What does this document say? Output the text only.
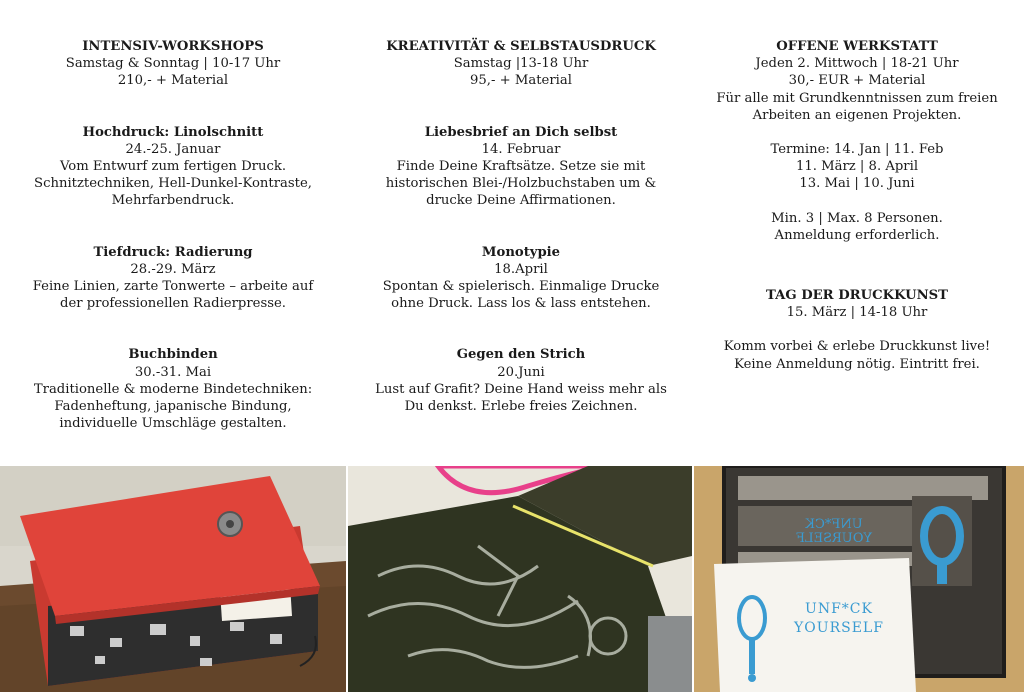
INTENSIV-WORKSHOPS

Samstag & Sonntag | 10-17 Uhr

210,- + Material

Hochdruck: Linolschnitt

24.-25. Januar

Vom Entwurf zum fertigen Druck.

Schnitztechniken, Hell-Dunkel-Kontraste,

Mehrfarbendruck.

Tiefdruck: Radierung

28.-29. März

Feine Linien, zarte Tonwerte – arbeite auf

der professionellen Radierpresse.

Buchbinden

30.-31. Mai

Traditionelle & moderne Bindetechniken:

Fadenheftung, japanische Bindung,

individuelle Umschläge gestalten.

KREATIVITÄT & SELBSTAUSDRUCK

Samstag |13-18 Uhr

95,- + Material

Liebesbrief an Dich selbst

14. Februar

Finde Deine Kraftsätze. Setze sie mit

historischen Blei-/Holzbuchstaben um &

drucke Deine Affirmationen.

Monotypie

18.April

Spontan & spielerisch. Einmalige Drucke

ohne Druck. Lass los & lass entstehen.

Gegen den Strich

20.Juni

Lust auf Grafit? Deine Hand weiss mehr als

Du denkst. Erlebe freies Zeichnen.

OFFENE WERKSTATT

Jeden 2. Mittwoch | 18-21 Uhr

30,- EUR + Material

Für alle mit Grundkenntnissen zum freien

Arbeiten an eigenen Projekten.

Termine: 14. Jan | 11. Feb

11. März | 8. April

13. Mai | 10. Juni

Min. 3 | Max. 8 Personen.

Anmeldung erforderlich.

TAG DER DRUCKKUNST

15. März | 14-18 Uhr

Komm vorbei & erlebe Druckkunst live!

Keine Anmeldung nötig. Eintritt frei.

UNF*CK
YOURSELF
UNF*CK
YOURSELF
